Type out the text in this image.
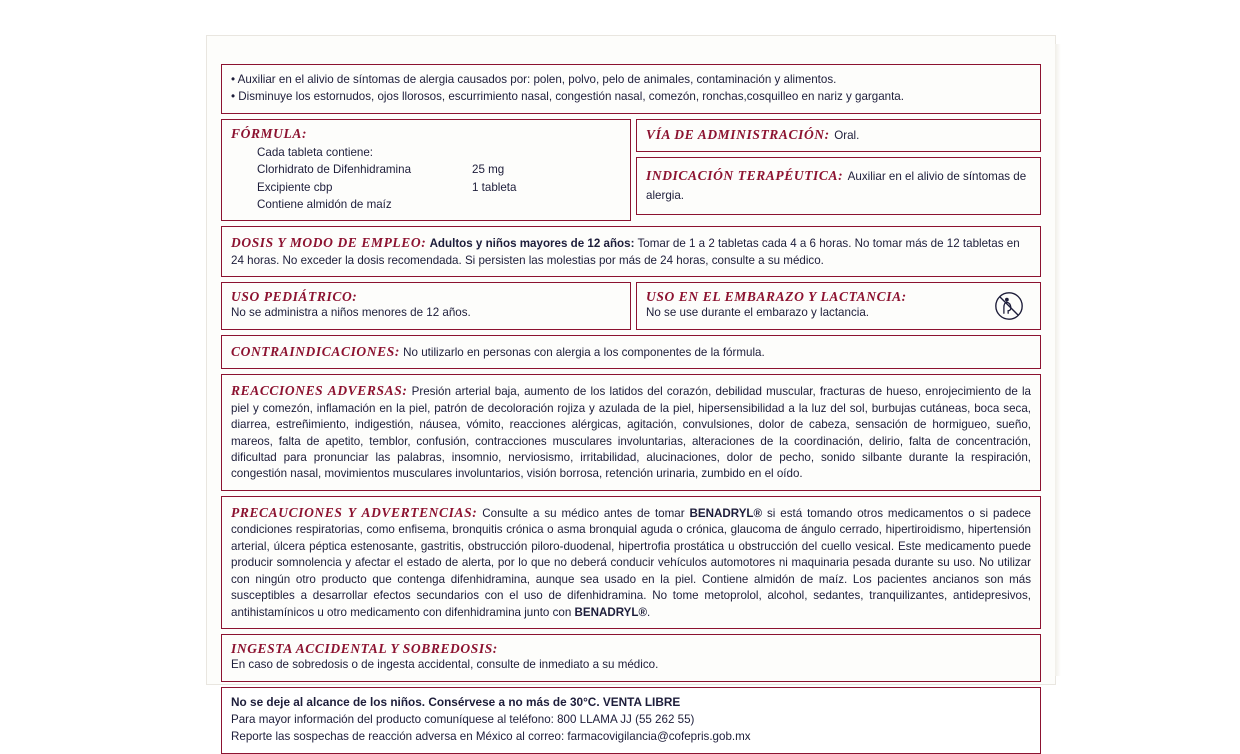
• Auxiliar en el alivio de síntomas de alergia causados por: polen, polvo, pelo de animales, contaminación y alimentos.
• Disminuye los estornudos, ojos llorosos, escurrimiento nasal, congestión nasal, comezón, ronchas,cosquilleo en nariz y garganta.
FÓRMULA:
Cada tableta contiene:
Clorhidrato de Difenhidramina	25 mg
Excipiente cbp	1 tableta
Contiene almidón de maíz
VÍA DE ADMINISTRACIÓN: Oral.
INDICACIÓN TERAPÉUTICA: Auxiliar en el alivio de síntomas de alergia.
DOSIS Y MODO DE EMPLEO: Adultos y niños mayores de 12 años: Tomar de 1 a 2 tabletas cada 4 a 6 horas. No tomar más de 12 tabletas en 24 horas. No exceder la dosis recomendada. Si persisten las molestias por más de 24 horas, consulte a su médico.
USO PEDIÁTRICO:
No se administra a niños menores de 12 años.
USO EN EL EMBARAZO Y LACTANCIA:
No se use durante el embarazo y lactancia.
CONTRAINDICACIONES: No utilizarlo en personas con alergia a los componentes de la fórmula.
REACCIONES ADVERSAS: Presión arterial baja, aumento de los latidos del corazón, debilidad muscular, fracturas de hueso, enrojecimiento de la piel y comezón, inflamación en la piel, patrón de decoloración rojiza y azulada de la piel, hipersensibilidad a la luz del sol, burbujas cutáneas, boca seca, diarrea, estreñimiento, indigestión, náusea, vómito, reacciones alérgicas, agitación, convulsiones, dolor de cabeza, sensación de hormigueo, sueño, mareos, falta de apetito, temblor, confusión, contracciones musculares involuntarias, alteraciones de la coordinación, delirio, falta de concentración, dificultad para pronunciar las palabras, insomnio, nerviosismo, irritabilidad, alucinaciones, dolor de pecho, sonido silbante durante la respiración, congestión nasal, movimientos musculares involuntarios, visión borrosa, retención urinaria, zumbido en el oído.
PRECAUCIONES Y ADVERTENCIAS: Consulte a su médico antes de tomar BENADRYL® si está tomando otros medicamentos o si padece condiciones respiratorias, como enfisema, bronquitis crónica o asma bronquial aguda o crónica, glaucoma de ángulo cerrado, hipertiroidismo, hipertensión arterial, úlcera péptica estenosante, gastritis, obstrucción piloro-duodenal, hipertrofia prostática u obstrucción del cuello vesical. Este medicamento puede producir somnolencia y afectar el estado de alerta, por lo que no deberá conducir vehículos automotores ni maquinaria pesada durante su uso. No utilizar con ningún otro producto que contenga difenhidramina, aunque sea usado en la piel. Contiene almidón de maíz. Los pacientes ancianos son más susceptibles a desarrollar efectos secundarios con el uso de difenhidramina. No tome metoprolol, alcohol, sedantes, tranquilizantes, antidepresivos, antihistamínicos u otro medicamento con difenhidramina junto con BENADRYL®.
INGESTA ACCIDENTAL Y SOBREDOSIS:
En caso de sobredosis o de ingesta accidental, consulte de inmediato a su médico.
No se deje al alcance de los niños. Consérvese a no más de 30°C. VENTA LIBRE
Para mayor información del producto comuníquese al teléfono: 800 LLAMA JJ (55 262 55)
Reporte las sospechas de reacción adversa en México al correo: farmacovigilancia@cofepris.gob.mx
